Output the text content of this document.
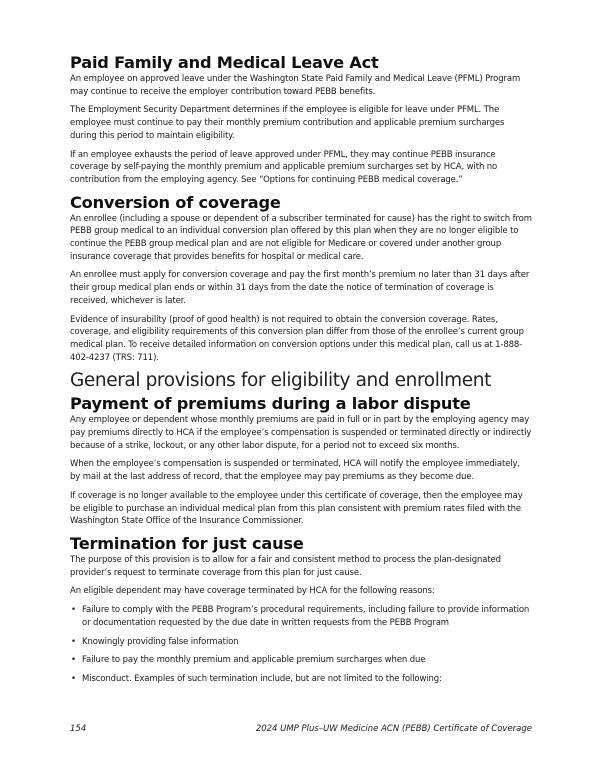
Paid Family and Medical Leave Act

An employee on approved leave under the Washington State Paid Family and Medical Leave (PFML) Program may continue to receive the employer contribution toward PEBB benefits.

The Employment Security Department determines if the employee is eligible for leave under PFML. The employee must continue to pay their monthly premium contribution and applicable premium surcharges during this period to maintain eligibility.

If an employee exhausts the period of leave approved under PFML, they may continue PEBB insurance coverage by self-paying the monthly premium and applicable premium surcharges set by HCA, with no contribution from the employing agency. See “Options for continuing PEBB medical coverage.”

Conversion of coverage

An enrollee (including a spouse or dependent of a subscriber terminated for cause) has the right to switch from PEBB group medical to an individual conversion plan offered by this plan when they are no longer eligible to continue the PEBB group medical plan and are not eligible for Medicare or covered under another group insurance coverage that provides benefits for hospital or medical care.

An enrollee must apply for conversion coverage and pay the first month’s premium no later than 31 days after their group medical plan ends or within 31 days from the date the notice of termination of coverage is received, whichever is later.

Evidence of insurability (proof of good health) is not required to obtain the conversion coverage. Rates, coverage, and eligibility requirements of this conversion plan differ from those of the enrollee’s current group medical plan. To receive detailed information on conversion options under this medical plan, call us at 1-888-402-4237 (TRS: 711).

General provisions for eligibility and enrollment
Payment of premiums during a labor dispute

Any employee or dependent whose monthly premiums are paid in full or in part by the employing agency may pay premiums directly to HCA if the employee’s compensation is suspended or terminated directly or indirectly because of a strike, lockout, or any other labor dispute, for a period not to exceed six months.

When the employee’s compensation is suspended or terminated, HCA will notify the employee immediately, by mail at the last address of record, that the employee may pay premiums as they become due.

If coverage is no longer available to the employee under this certificate of coverage, then the employee may be eligible to purchase an individual medical plan from this plan consistent with premium rates filed with the Washington State Office of the Insurance Commissioner.

Termination for just cause

The purpose of this provision is to allow for a fair and consistent method to process the plan-designated provider’s request to terminate coverage from this plan for just cause.

An eligible dependent may have coverage terminated by HCA for the following reasons:

• Failure to comply with the PEBB Program’s procedural requirements, including failure to provide information or documentation requested by the due date in written requests from the PEBB Program
• Knowingly providing false information
• Failure to pay the monthly premium and applicable premium surcharges when due
• Misconduct. Examples of such termination include, but are not limited to the following:
154	2024 UMP Plus–UW Medicine ACN (PEBB) Certificate of Coverage
